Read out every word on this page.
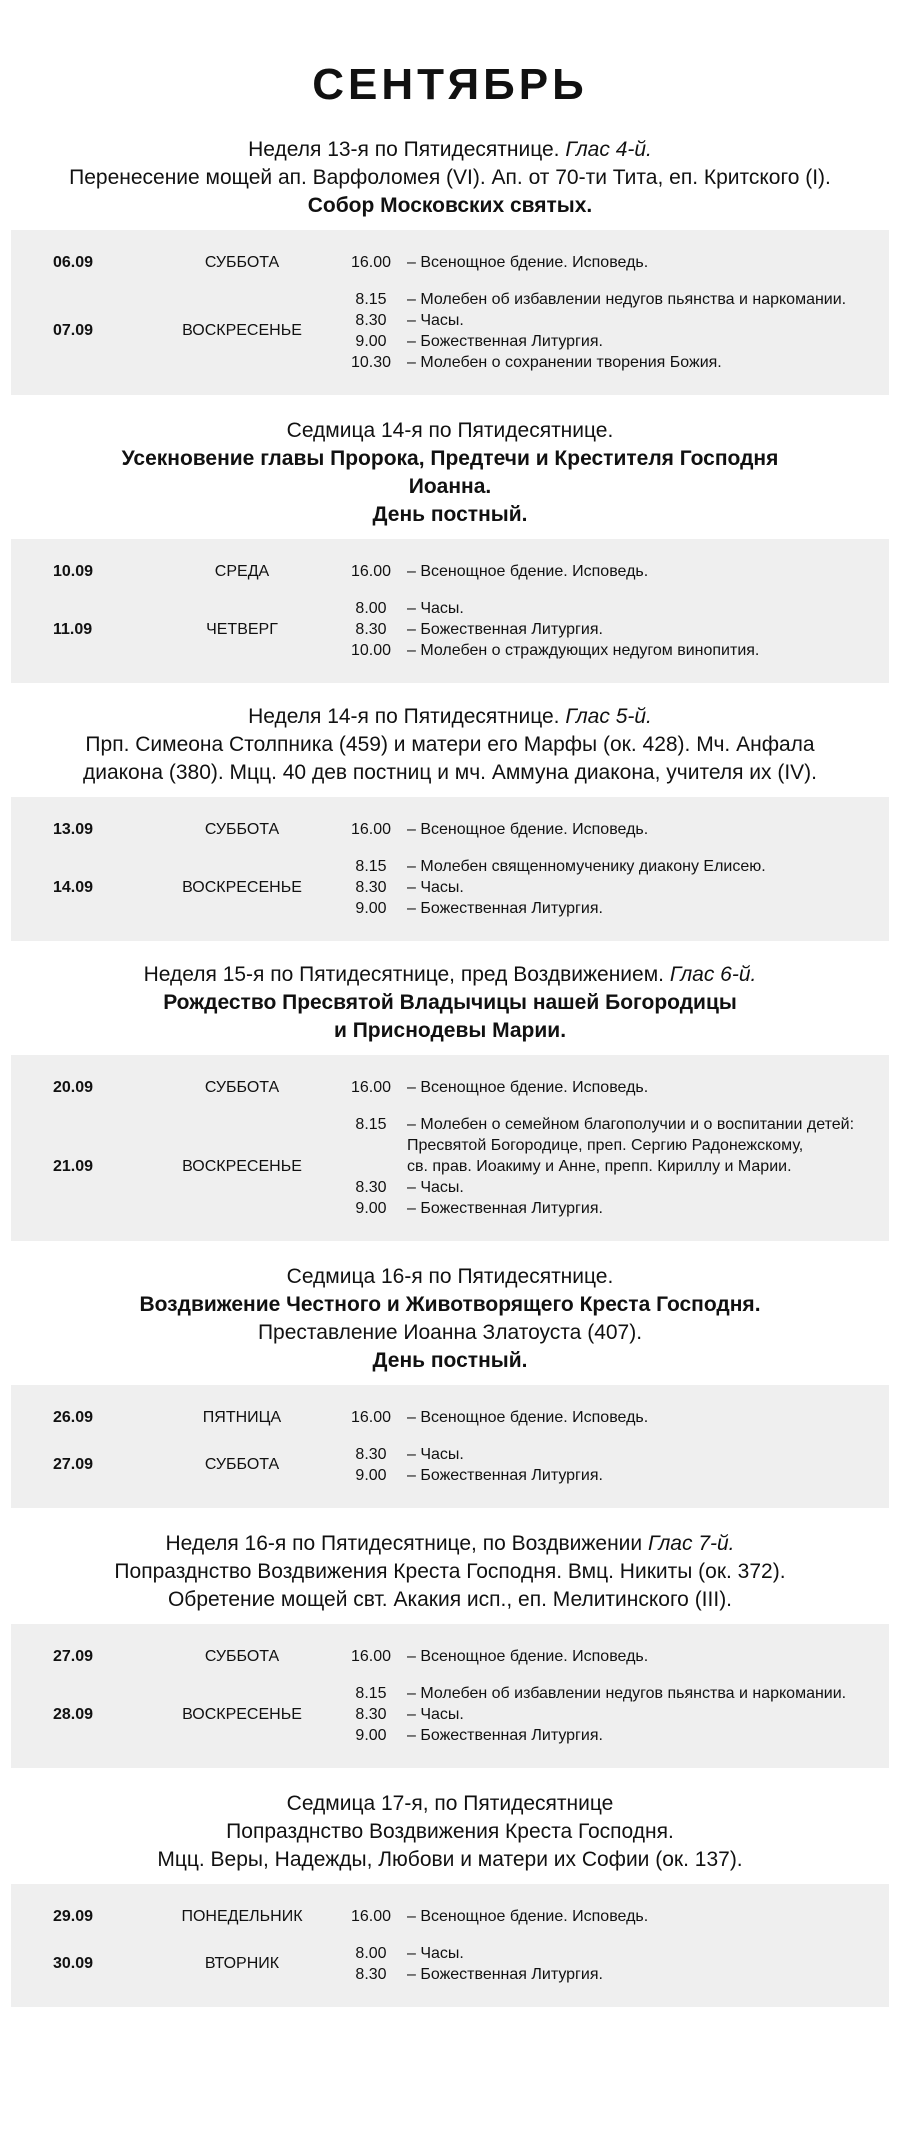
СЕНТЯБРЬ
Неделя 13-я по Пятидесятнице. Глас 4-й.
Перенесение мощей ап. Варфоломея (VI). Ап. от 70-ти Тита, еп. Критского (I).
Собор Московских святых.
06.09	СУББОТА	16.00 – Всенощное бдение. Исповедь.
07.09	ВОСКРЕСЕНЬЕ
8.15	– Молебен об избавлении недугов пьянства и наркомании.
8.30	– Часы.
9.00	– Божественная Литургия.
10.30 – Молебен о сохранении творения Божия.
Седмица 14-я по Пятидесятнице.
Усекновение главы Пророка, Предтечи и Крестителя Господня
Иоанна.
День постный.
10.09	СРЕДА	16.00 – Всенощное бдение. Исповедь.
11.09	ЧЕТВЕРГ
8.00	– Часы.
8.30	– Божественная Литургия.
10.00 – Молебен о страждующих недугом винопития.
Неделя 14-я по Пятидесятнице. Глас 5-й.
Прп. Симеона Столпника (459) и матери его Марфы (ок. 428). Мч. Анфала
диакона (380). Мцц. 40 дев постниц и мч. Аммуна диакона, учителя их (IV).
13.09	СУББОТА	16.00 – Всенощное бдение. Исповедь.
14.09	ВОСКРЕСЕНЬЕ
8.15	– Молебен священномученику диакону Елисею.
8.30	– Часы.
9.00	– Божественная Литургия.
Неделя 15-я по Пятидесятнице, пред Воздвижением. Глас 6-й.
Рождество Пресвятой Владычицы нашей Богородицы
и Приснодевы Марии.
20.09	СУББОТА	16.00 – Всенощное бдение. Исповедь.
21.09	ВОСКРЕСЕНЬЕ
8.15	– Молебен о семейном благополучии и о воспитании детей:
Пресвятой Богородице, преп. Сергию Радонежскому,
св. прав. Иоакиму и Анне, препп. Кириллу и Марии.
8.30	– Часы.
9.00	– Божественная Литургия.
Седмица 16-я по Пятидесятнице.
Воздвижение Честного и Животворящего Креста Господня.
Преставление Иоанна Златоуста (407).
День постный.
26.09	ПЯТНИЦА	16.00 – Всенощное бдение. Исповедь.
27.09	СУББОТА
8.30	– Часы.
9.00	– Божественная Литургия.
Неделя 16-я по Пятидесятнице, по Воздвижении Глас 7-й.
Попразднство Воздвижения Креста Господня. Вмц. Никиты (ок. 372).
Обретение мощей свт. Акакия исп., еп. Мелитинского (III).
27.09	СУББОТА	16.00 – Всенощное бдение. Исповедь.
28.09	ВОСКРЕСЕНЬЕ
8.15	– Молебен об избавлении недугов пьянства и наркомании.
8.30	– Часы.
9.00	– Божественная Литургия.
Седмица 17-я, по Пятидесятнице
Попразднство Воздвижения Креста Господня.
Мцц. Веры, Надежды, Любови и матери их Софии (ок. 137).
29.09	ПОНЕДЕЛЬНИК	16.00 – Всенощное бдение. Исповедь.
30.09	ВТОРНИК
8.00	– Часы.
8.30	– Божественная Литургия.
